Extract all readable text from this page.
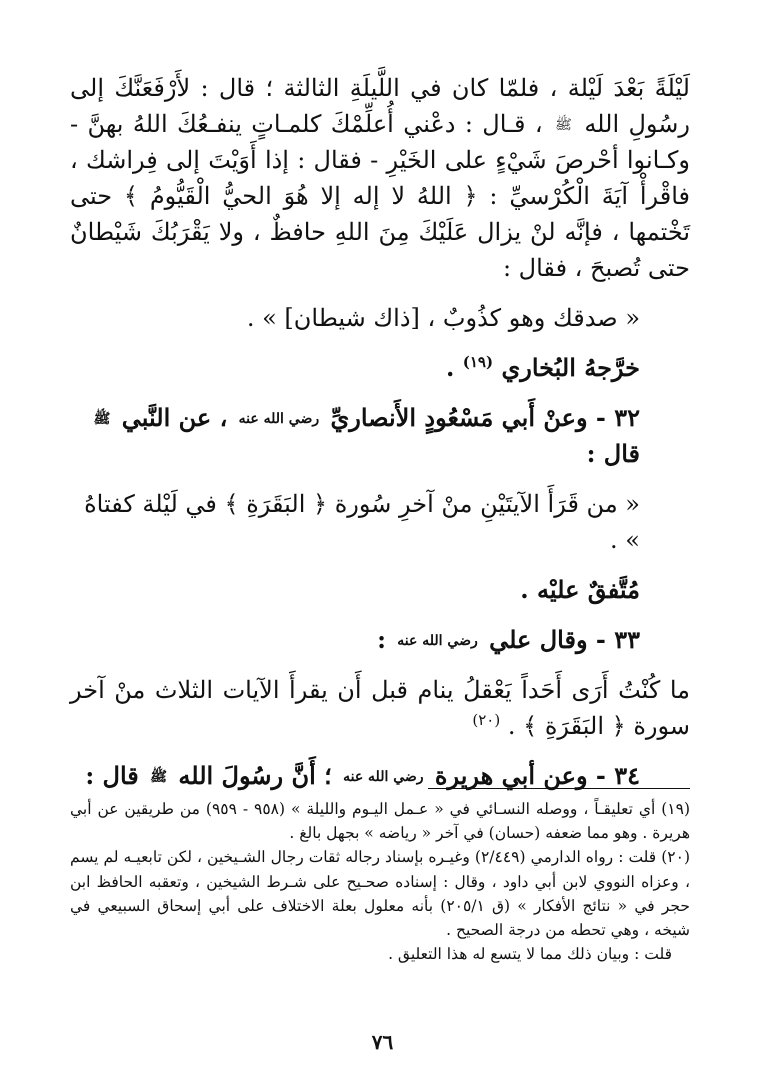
لَيْلَةً بَعْدَ لَيْلة ، فلمّا كان في اللَّيلَةِ الثالثة ؛ قال : لأَرْفَعَنَّكَ إلى رسُولِ الله ﷺ ، قـال : دعْني أُعلِّمْكَ كلمـاتٍ ينفـعُكَ اللهُ بهنَّ - وكـانوا أحْرصَ شَيْءٍ على الخَيْرِ - فقال : إذا أَوَيْتَ إلى فِراشك ، فاقْرأْ آيَةَ الْكُرْسيِّ : ﴿ اللهُ لا إله إلا هُوَ الحيُّ الْقَيُّومُ ﴾ حتى تَخْتمها ، فإنَّه لنْ يزال عَلَيْكَ مِنَ اللهِ حافظٌ ، ولا يَقْرَبُكَ شَيْطانٌ حتى تُصبحَ ، فقال :

« صدقك وهو كذُوبٌ ، [ذاك شيطان] » .

خرَّجهُ البُخاري $^{(١٩)}$ .

٣٢ - وعنْ أَبي مَسْعُودٍ الأَنصاريِّ رضي الله عنه ، عن النَّبي ﷺ قال :

« من قَرَأَ الآيتَيْنِ منْ آخرِ سُورة ﴿ البَقَرَةِ ﴾ في لَيْلة كفتاهُ » .

مُتَّفقٌ عليْه .

٣٣ - وقال علي رضي الله عنه :

ما كُنْتُ أَرَى أَحَداً يَعْقلُ ينام قبل أَن يقرأَ الآيات الثلاث منْ آخر سورة ﴿ البَقَرَةِ ﴾ . $^{(٢٠)}$

٣٤ - وعن أبي هريرة رضي الله عنه ؛ أَنَّ رسُولَ الله ﷺ قال :

(١٩) أي تعليقـاً ، ووصله النسـائي في « عـمل اليـوم والليلة » (٩٥٨ - ٩٥٩) من طريقين عن أبي هريرة . وهو مما ضعفه (حسان) في آخر « رياضه » بجهل بالغ .

(٢٠) قلت : رواه الدارمي (٢/٤٤٩) وغيـره بإسناد رجاله ثقات رجال الشـيخين ، لكن تابعيـه لم يسم ، وعزاه النووي لابن أبي داود ، وقال : إسناده صحـيح على شـرط الشيخين ، وتعقبه الحافظ ابن حجر في « نتائج الأفكار » (ق ٢٠٥/١) بأنه معلول بعلة الاختلاف على أبي إسحاق السبيعي في شيخه ، وهي تحطه من درجة الصحيح .

قلت : وبيان ذلك مما لا يتسع له هذا التعليق .

٧٦
